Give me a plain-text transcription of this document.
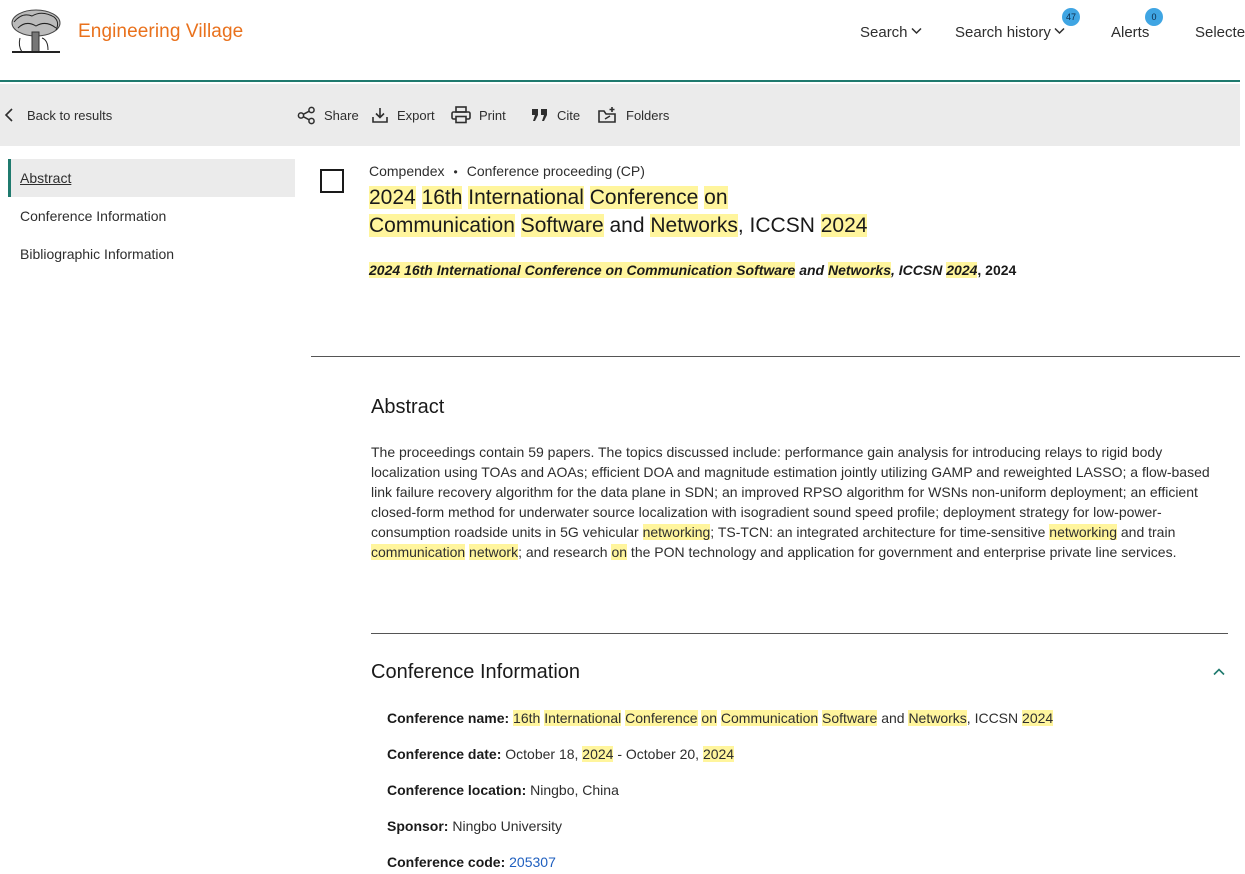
Engineering Village	Search	Search history
47
Alerts
0
Selecte
Back to results	Share	Export	Print	Cite	Folders
Abstract
Conference Information
Bibliographic Information
Compendex • Conference proceeding (CP)
2024 16th International Conference on
Communication Software and Networks, ICCSN 2024
2024 16th International Conference on Communication Software and Networks, ICCSN 2024, 2024
Abstract

The proceedings contain 59 papers. The topics discussed include: performance gain analysis for introducing relays to rigid body localization using TOAs and AOAs; efficient DOA and magnitude estimation jointly utilizing GAMP and reweighted LASSO; a flow-based link failure recovery algorithm for the data plane in SDN; an improved RPSO algorithm for WSNs non-uniform deployment; an efficient closed-form method for underwater source localization with isogradient sound speed profile; deployment strategy for low-power-consumption roadside units in 5G vehicular networking; TS-TCN: an integrated architecture for time-sensitive networking and train communication network; and research on the PON technology and application for government and enterprise private line services.

Conference Information
Conference name: 16th International Conference on Communication Software and Networks, ICCSN 2024
Conference date: October 18, 2024 - October 20, 2024
Conference location: Ningbo, China
Sponsor: Ningbo University
Conference code: 205307
